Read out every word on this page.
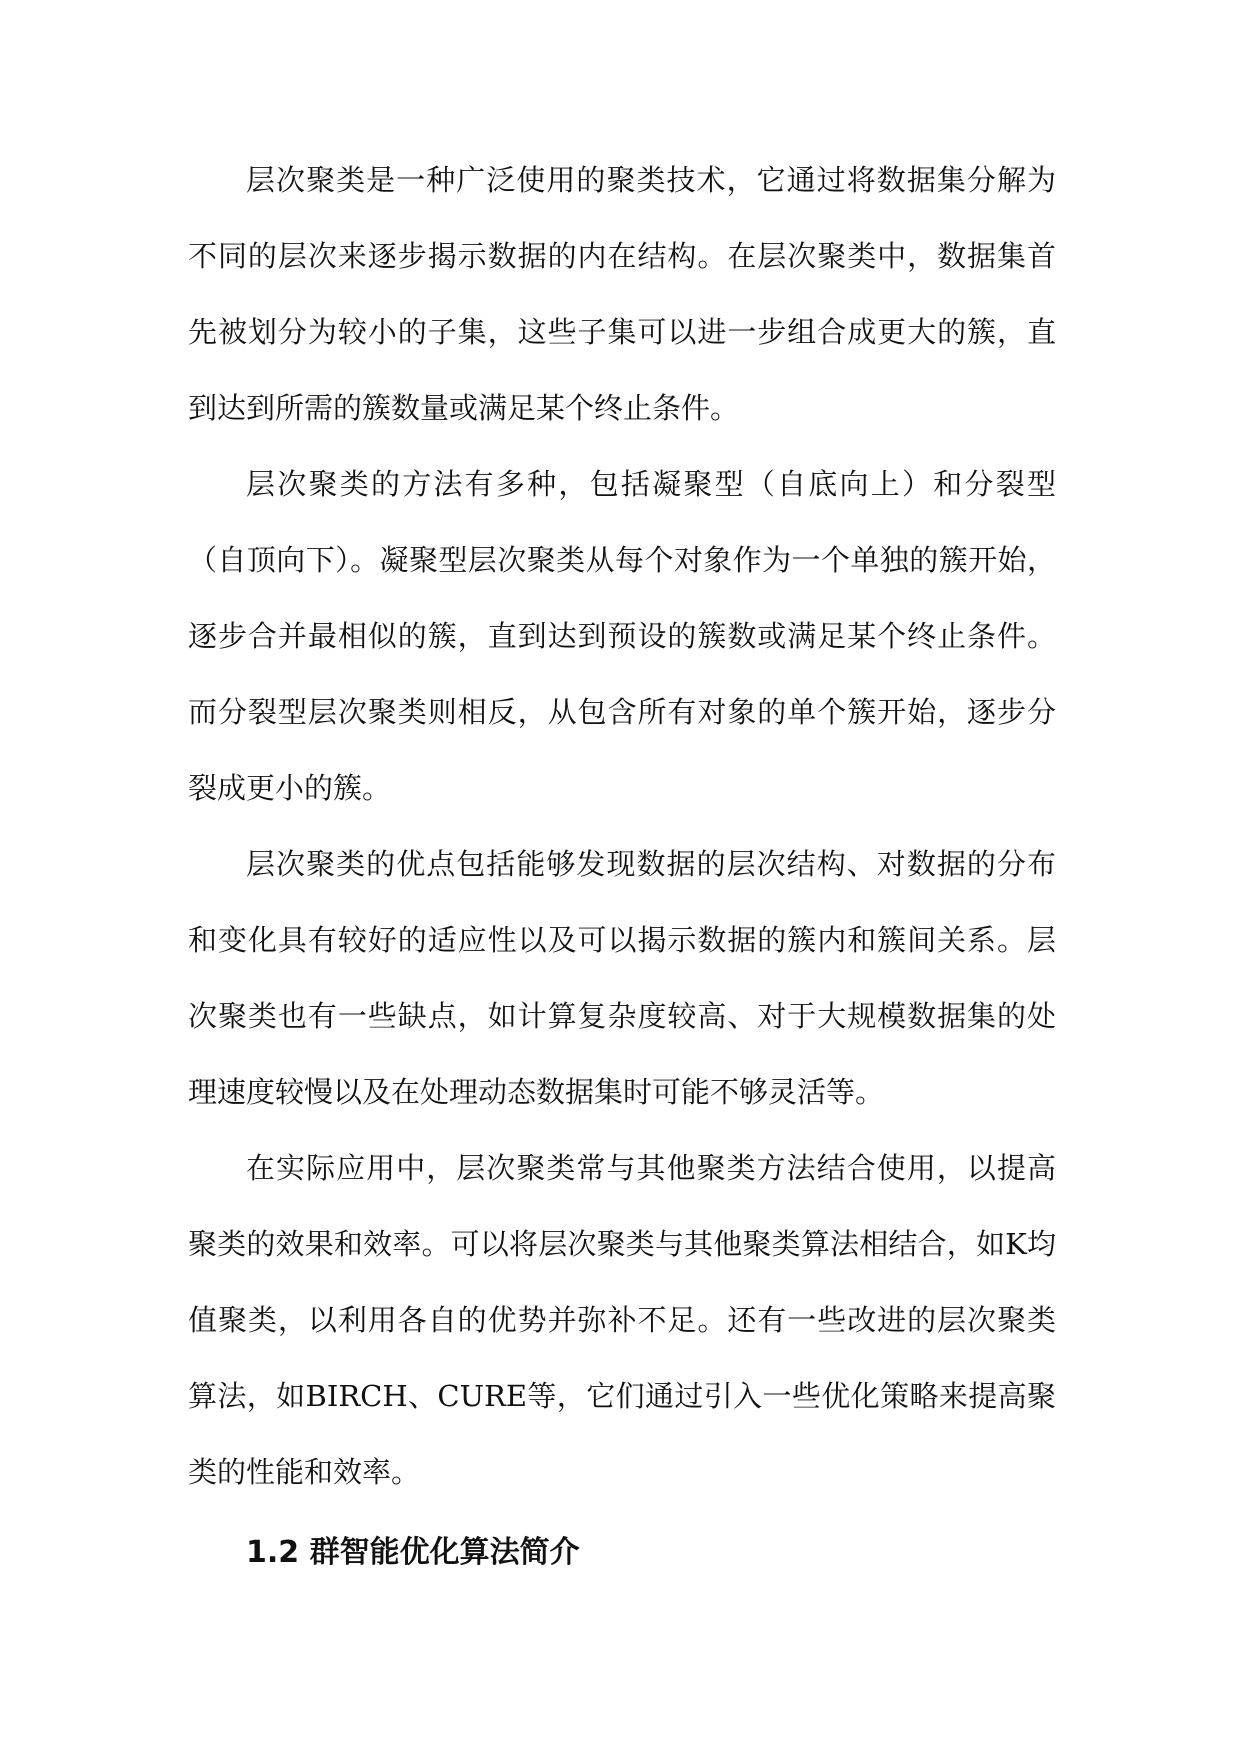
层次聚类是一种广泛使用的聚类技术，它通过将数据集分解为不同的层次来逐步揭示数据的内在结构。在层次聚类中，数据集首先被划分为较小的子集，这些子集可以进一步组合成更大的簇，直到达到所需的簇数量或满足某个终止条件。

层次聚类的方法有多种，包括凝聚型（自底向上）和分裂型（自顶向下）。凝聚型层次聚类从每个对象作为一个单独的簇开始，逐步合并最相似的簇，直到达到预设的簇数或满足某个终止条件。而分裂型层次聚类则相反，从包含所有对象的单个簇开始，逐步分裂成更小的簇。

层次聚类的优点包括能够发现数据的层次结构、对数据的分布和变化具有较好的适应性以及可以揭示数据的簇内和簇间关系。层次聚类也有一些缺点，如计算复杂度较高、对于大规模数据集的处理速度较慢以及在处理动态数据集时可能不够灵活等。

在实际应用中，层次聚类常与其他聚类方法结合使用，以提高聚类的效果和效率。可以将层次聚类与其他聚类算法相结合，如K均值聚类，以利用各自的优势并弥补不足。还有一些改进的层次聚类算法，如BIRCH、CURE等，它们通过引入一些优化策略来提高聚类的性能和效率。

1.2 群智能优化算法简介
